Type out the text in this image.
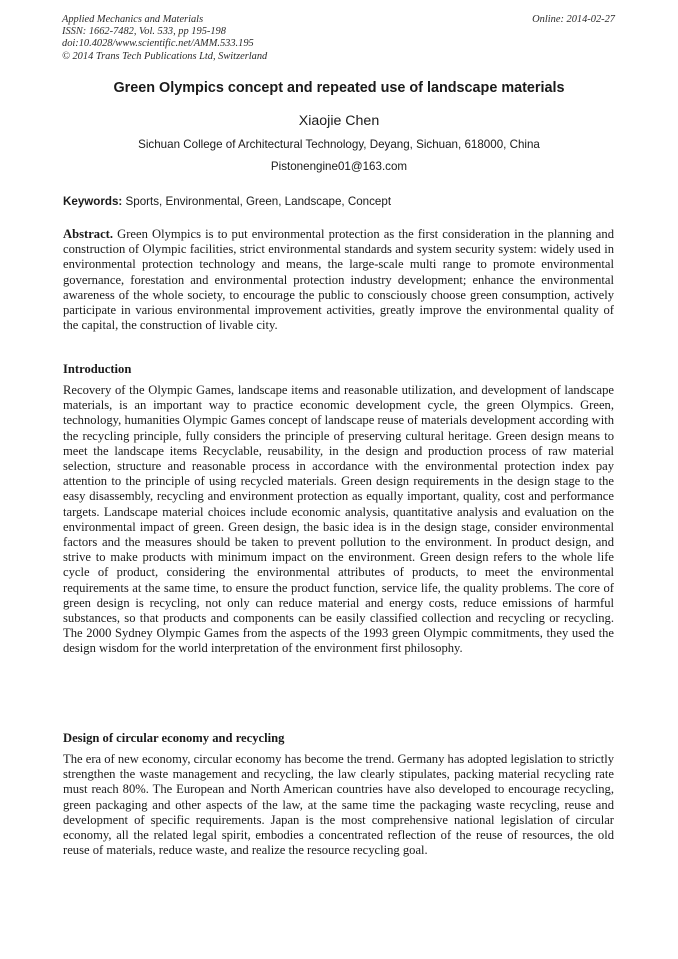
Applied Mechanics and Materials
ISSN: 1662-7482, Vol. 533, pp 195-198
doi:10.4028/www.scientific.net/AMM.533.195
© 2014 Trans Tech Publications Ltd, Switzerland
Online: 2014-02-27
Green Olympics concept and repeated use of landscape materials
Xiaojie Chen
Sichuan College of Architectural Technology, Deyang, Sichuan, 618000, China
Pistonengine01@163.com
Keywords: Sports, Environmental, Green, Landscape, Concept
Abstract. Green Olympics is to put environmental protection as the first consideration in the planning and construction of Olympic facilities, strict environmental standards and system security system: widely used in environmental protection technology and means, the large-scale multi range to promote environmental governance, forestation and environmental protection industry development; enhance the environmental awareness of the whole society, to encourage the public to consciously choose green consumption, actively participate in various environmental improvement activities, greatly improve the environmental quality of the capital, the construction of livable city.
Introduction
Recovery of the Olympic Games, landscape items and reasonable utilization, and development of landscape materials, is an important way to practice economic development cycle, the green Olympics. Green, technology, humanities Olympic Games concept of landscape reuse of materials development according with the recycling principle, fully considers the principle of preserving cultural heritage. Green design means to meet the landscape items Recyclable, reusability, in the design and production process of raw material selection, structure and reasonable process in accordance with the environmental protection index pay attention to the principle of using recycled materials. Green design requirements in the design stage to the easy disassembly, recycling and environment protection as equally important, quality, cost and performance targets. Landscape material choices include economic analysis, quantitative analysis and evaluation on the environmental impact of green. Green design, the basic idea is in the design stage, consider environmental factors and the measures should be taken to prevent pollution to the environment. In product design, and strive to make products with minimum impact on the environment. Green design refers to the whole life cycle of product, considering the environmental attributes of products, to meet the environmental requirements at the same time, to ensure the product function, service life, the quality problems. The core of green design is recycling, not only can reduce material and energy costs, reduce emissions of harmful substances, so that products and components can be easily classified collection and recycling or recycling. The 2000 Sydney Olympic Games from the aspects of the 1993 green Olympic commitments, they used the design wisdom for the world interpretation of the environment first philosophy.
Design of circular economy and recycling
The era of new economy, circular economy has become the trend. Germany has adopted legislation to strictly strengthen the waste management and recycling, the law clearly stipulates, packing material recycling rate must reach 80%. The European and North American countries have also developed to encourage recycling, green packaging and other aspects of the law, at the same time the packaging waste recycling, reuse and development of specific requirements. Japan is the most comprehensive national legislation of circular economy, all the related legal spirit, embodies a concentrated reflection of the reuse of resources, the old reuse of materials, reduce waste, and realize the resource recycling goal.
